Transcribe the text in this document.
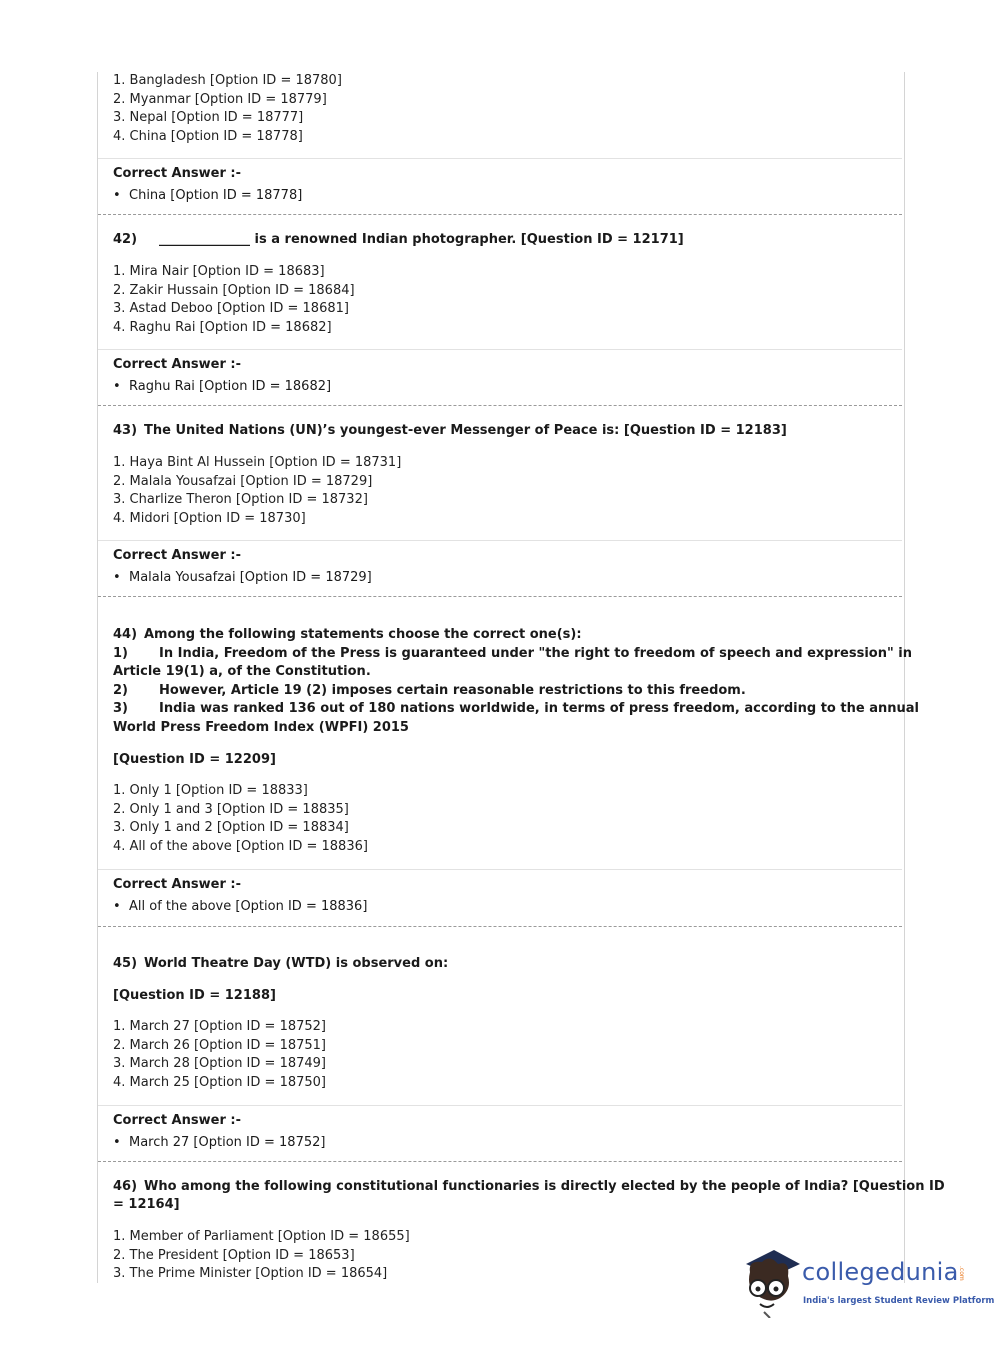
1. Bangladesh [Option ID = 18780]
2. Myanmar [Option ID = 18779]
3. Nepal [Option ID = 18777]
4. China [Option ID = 18778]
Correct Answer :-
• China [Option ID = 18778]
42) ______________ is a renowned Indian photographer. [Question ID = 12171]
1. Mira Nair [Option ID = 18683]
2. Zakir Hussain [Option ID = 18684]
3. Astad Deboo [Option ID = 18681]
4. Raghu Rai [Option ID = 18682]
Correct Answer :-
• Raghu Rai [Option ID = 18682]
43) The United Nations (UN)’s youngest-ever Messenger of Peace is: [Question ID = 12183]
1. Haya Bint Al Hussein [Option ID = 18731]
2. Malala Yousafzai [Option ID = 18729]
3. Charlize Theron [Option ID = 18732]
4. Midori [Option ID = 18730]
Correct Answer :-
• Malala Yousafzai [Option ID = 18729]
44) Among the following statements choose the correct one(s):
1) In India, Freedom of the Press is guaranteed under "the right to freedom of speech and expression" in
Article 19(1) a, of the Constitution.
2) However, Article 19 (2) imposes certain reasonable restrictions to this freedom.
3) India was ranked 136 out of 180 nations worldwide, in terms of press freedom, according to the annual
World Press Freedom Index (WPFI) 2015
[Question ID = 12209]
1. Only 1 [Option ID = 18833]
2. Only 1 and 3 [Option ID = 18835]
3. Only 1 and 2 [Option ID = 18834]
4. All of the above [Option ID = 18836]
Correct Answer :-
• All of the above [Option ID = 18836]
45) World Theatre Day (WTD) is observed on:
[Question ID = 12188]
1. March 27 [Option ID = 18752]
2. March 26 [Option ID = 18751]
3. March 28 [Option ID = 18749]
4. March 25 [Option ID = 18750]
Correct Answer :-
• March 27 [Option ID = 18752]
46) Who among the following constitutional functionaries is directly elected by the people of India? [Question ID
= 12164]
1. Member of Parliament [Option ID = 18655]
2. The President [Option ID = 18653]
3. The Prime Minister [Option ID = 18654]	collegedunia .com
India's largest Student Review Platform
